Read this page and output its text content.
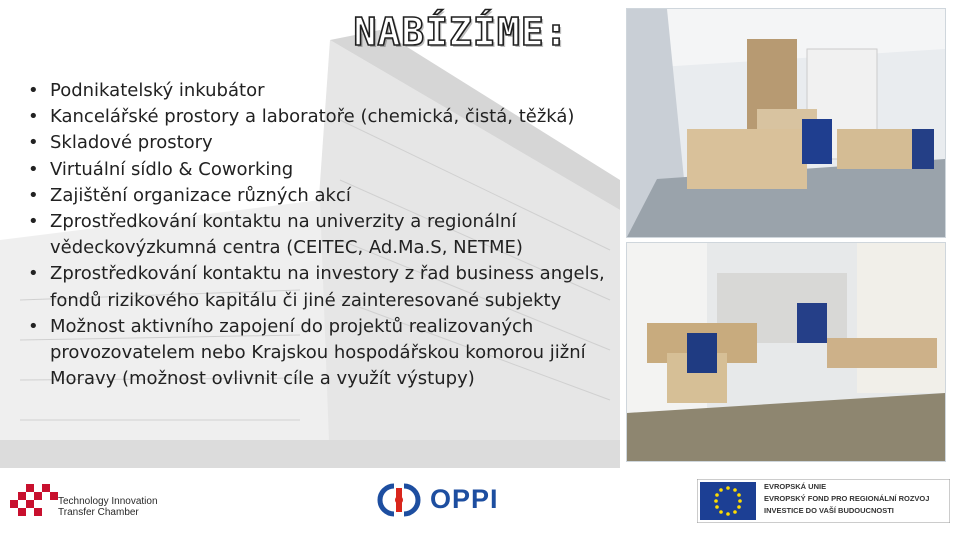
NABÍZÍME:
• Podnikatelský inkubátor
• Kancelářské prostory a laboratoře (chemická, čistá, těžká)
• Skladové prostory
• Virtuální sídlo & Coworking
• Zajištění organizace různých akcí
• Zprostředkování kontaktu na univerzity a regionální vědeckovýzkumná centra (CEITEC, Ad.Ma.S, NETME)
• Zprostředkování kontaktu na investory z řad business angels, fondů rizikového kapitálu či jiné zainteresované subjekty
• Možnost aktivního zapojení do projektů realizovaných provozovatelem nebo Krajskou hospodářskou komorou jižní Moravy (možnost ovlivnit cíle a využít výstupy)
Technology Innovation
Transfer Chamber	OPPI	EVROPSKÁ UNIE
EVROPSKÝ FOND PRO REGIONÁLNÍ ROZVOJ
INVESTICE DO VAŠÍ BUDOUCNOSTI
